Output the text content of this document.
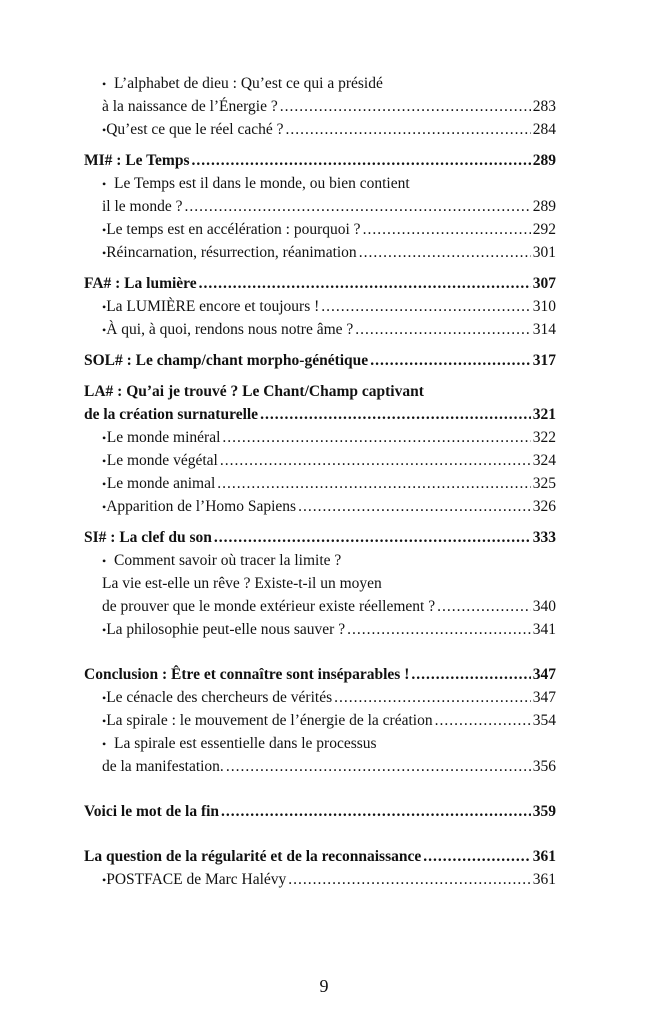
• L’alphabet de dieu : Qu’est ce qui a présidé
à la naissance de l’Énergie ? .....	283
• Qu’est ce que le réel caché ? .....	284
MI# : Le Temps .....	289
• Le Temps est il dans le monde, ou bien contient
il le monde ? .....	289
• Le temps est en accélération : pourquoi ? .....	292
• Réincarnation, résurrection, réanimation .....	301
FA# : La lumière .....	307
• La LUMIÈRE encore et toujours ! .....	310
• À qui, à quoi, rendons nous notre âme ? .....	314
SOL# : Le champ/chant morpho-génétique .....	317
LA# : Qu’ai je trouvé ? Le Chant/Champ captivant
de la création surnaturelle .....	321
• Le monde minéral .....	322
• Le monde végétal .....	324
• Le monde animal .....	325
• Apparition de l’Homo Sapiens .....	326
SI# : La clef du son .....	333
• Comment savoir où tracer la limite ?
La vie est-elle un rêve ? Existe-t-il un moyen
de prouver que le monde extérieur existe réellement ? .....	340
• La philosophie peut-elle nous sauver ? .....	341
Conclusion : Être et connaître sont inséparables ! .....	347
• Le cénacle des chercheurs de vérités .....	347
• La spirale : le mouvement de l’énergie de la création .....	354
• La spirale est essentielle dans le processus
de la manifestation. .....	356
Voici le mot de la fin .....	359
La question de la régularité et de la reconnaissance .....	361
• POSTFACE de Marc Halévy .....	361
9
